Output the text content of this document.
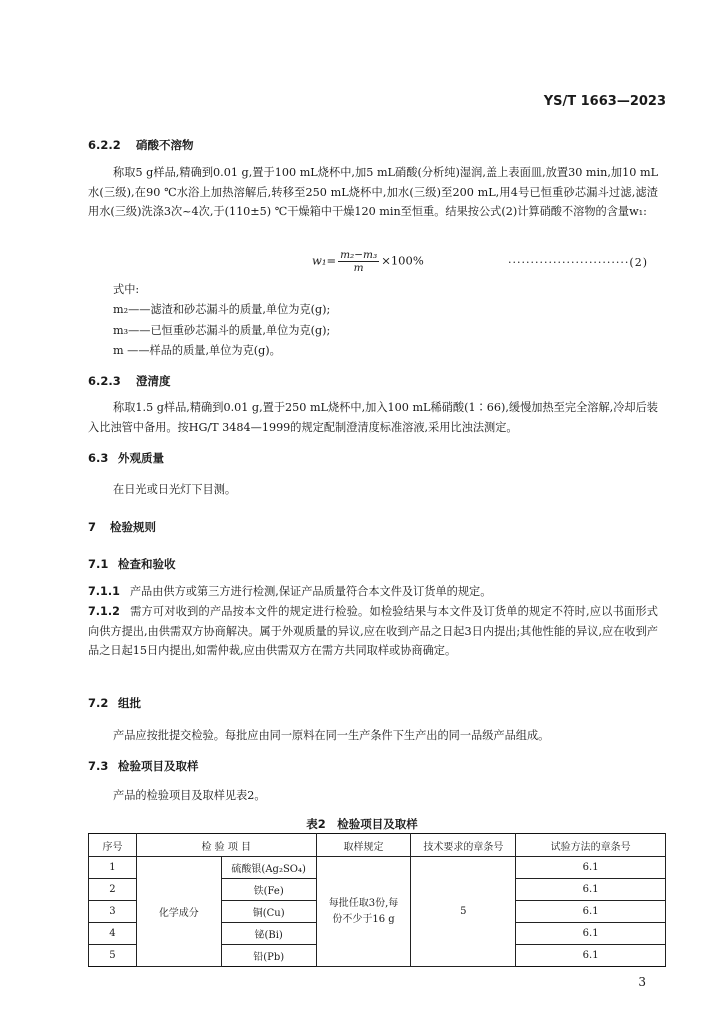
YS/T 1663—2023
6.2.2 硝酸不溶物
称取5 g样品,精确到0.01 g,置于100 mL烧杯中,加5 mL硝酸(分析纯)湿润,盖上表面皿,放置30 min,加10 mL水(三级),在90 ℃水浴上加热溶解后,转移至250 mL烧杯中,加水(三级)至200 mL,用4号已恒重砂芯漏斗过滤,滤渣用水(三级)洗涤3次~4次,于(110±5) ℃干燥箱中干燥120 min至恒重。结果按公式(2)计算硝酸不溶物的含量w₁:
$w_1= \frac{\text{m₂−m₃}}{m} \times 100\%$	···························(2)
式中:
m₂——滤渣和砂芯漏斗的质量,单位为克(g);
m₃——已恒重砂芯漏斗的质量,单位为克(g);
m ——样品的质量,单位为克(g)。
6.2.3 澄清度
称取1.5 g样品,精确到0.01 g,置于250 mL烧杯中,加入100 mL稀硝酸(1∶66),缓慢加热至完全溶解,冷却后装入比浊管中备用。按HG/T 3484—1999的规定配制澄清度标准溶液,采用比浊法测定。
6.3 外观质量
在日光或日光灯下目测。
7 检验规则
7.1 检查和验收
7.1.1 产品由供方或第三方进行检测,保证产品质量符合本文件及订货单的规定。
7.1.2 需方可对收到的产品按本文件的规定进行检验。如检验结果与本文件及订货单的规定不符时,应以书面形式向供方提出,由供需双方协商解决。属于外观质量的异议,应在收到产品之日起3日内提出;其他性能的异议,应在收到产品之日起15日内提出,如需仲裁,应由供需双方在需方共同取样或协商确定。
7.2 组批
产品应按批提交检验。每批应由同一原料在同一生产条件下生产出的同一品级产品组成。
7.3 检验项目及取样
产品的检验项目及取样见表2。
表2　检验项目及取样
序号	检 验 项 目		取样规定	技术要求的章条号	试验方法的章条号
1	化学成分	硫酸银(Ag₂SO₄)	每批任取3份,每份不少于16 g	5	6.1
2		铁(Fe)			6.1
3		铜(Cu)			6.1
4		铋(Bi)			6.1
5		铅(Pb)			6.1
3
